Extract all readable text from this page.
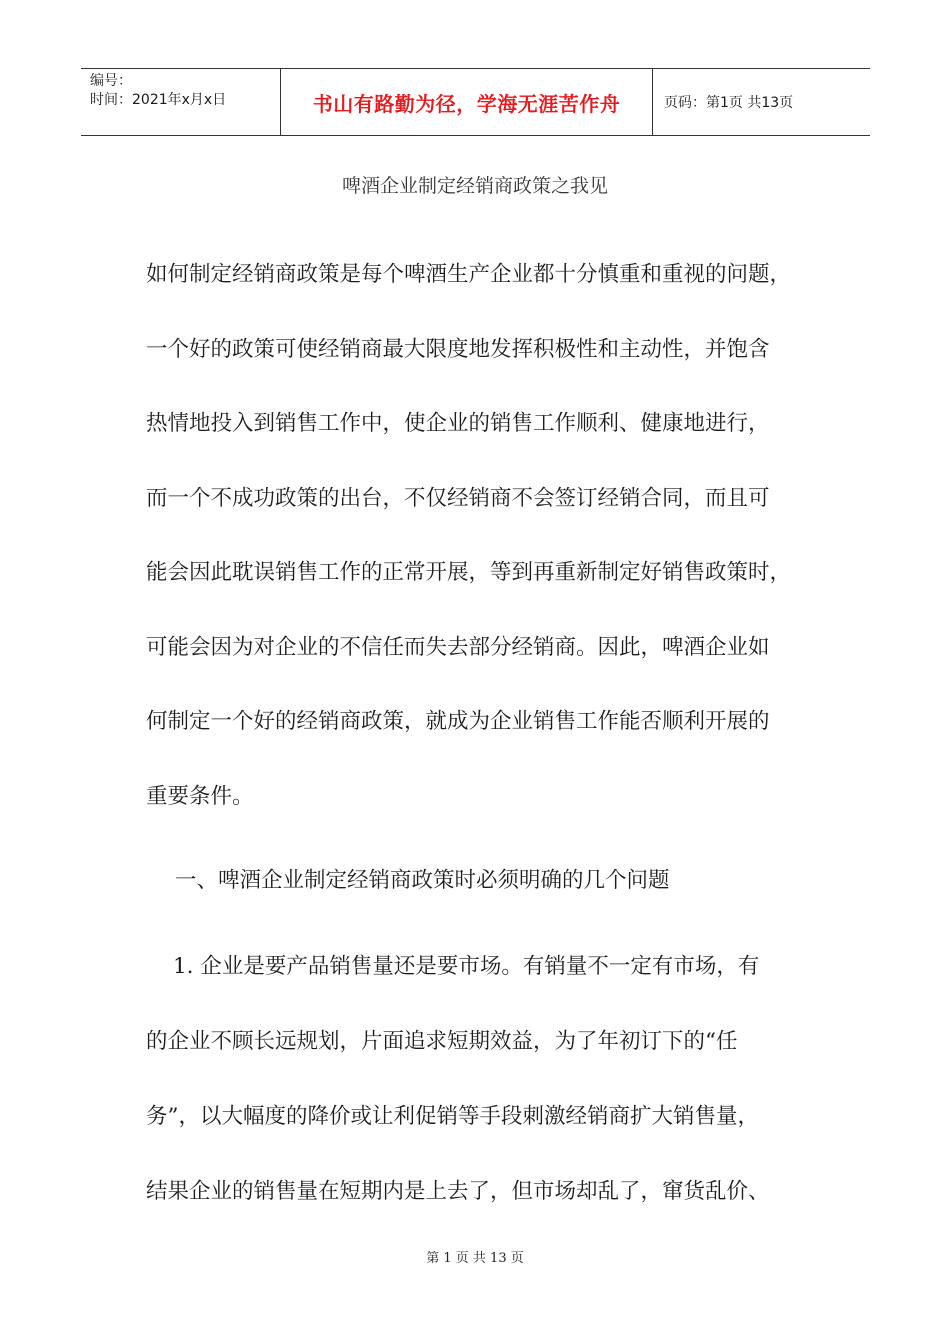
编号：
时间：2021年x月x日	书山有路勤为径，学海无涯苦作舟	页码：第1页 共13页
啤酒企业制定经销商政策之我见
如何制定经销商政策是每个啤酒生产企业都十分慎重和重视的问题，
一个好的政策可使经销商最大限度地发挥积极性和主动性，并饱含
热情地投入到销售工作中，使企业的销售工作顺利、健康地进行，
而一个不成功政策的出台，不仅经销商不会签订经销合同，而且可
能会因此耽误销售工作的正常开展，等到再重新制定好销售政策时，
可能会因为对企业的不信任而失去部分经销商。因此，啤酒企业如
何制定一个好的经销商政策，就成为企业销售工作能否顺利开展的
重要条件。
一、啤酒企业制定经销商政策时必须明确的几个问题
1. 企业是要产品销售量还是要市场。有销量不一定有市场，有
的企业不顾长远规划，片面追求短期效益，为了年初订下的“任
务”，以大幅度的降价或让利促销等手段刺激经销商扩大销售量，
结果企业的销售量在短期内是上去了，但市场却乱了，窜货乱价、
第 1 页 共 13 页
